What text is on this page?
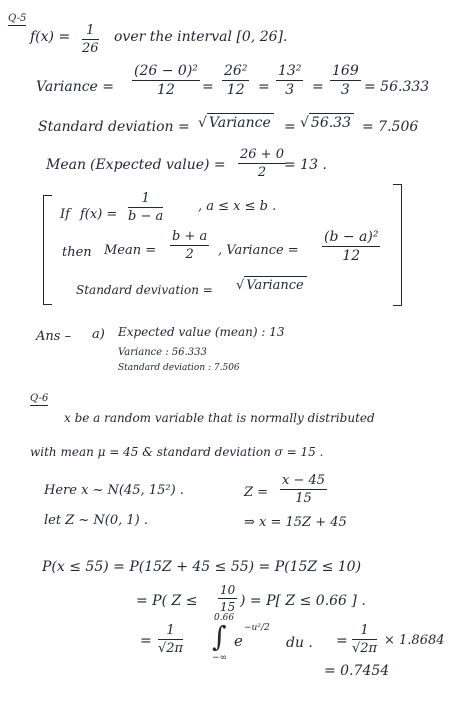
Q-5
f(x) =	1
26
over the interval [0, 26].
Variance =
(26 − 0)²
12	=
26²
12 =
13²
3	=
169
3	= 56.333
Standard deviation = √ Variance = √ 56.33 = 7.506
Mean (Expected value) =
26 + 0
2	= 13 .
If f(x) =
1
b − a
, a ≤ x ≤ b .
then Mean =
b + a
2	, Variance =
(b − a)²
12
Standard devivation = √ Variance
Ans – a) Expected value (mean) : 13
Variance : 56.333
Standard deviation : 7.506
Q-6
x be a random variable that is normally distributed
with mean μ = 45 & standard deviation σ = 15 .
Here x ~ N(45, 15²) .	Z =
x − 45
15
let Z ~ N(0, 1) .	⇒ x = 15Z + 45
P(x ≤ 55) = P(15Z + 45 ≤ 55) = P(15Z ≤ 10)
= P( Z ≤
10
15 ) = P[ Z ≤ 0.66 ] .
=
1
√2π
0.66
∫
−∞
e
−u²/2
du . =
1
√2π
× 1.8684
= 0.7454
